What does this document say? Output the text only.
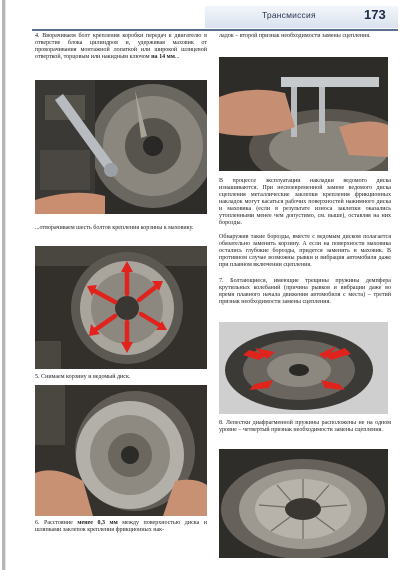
Трансмиссия	173

4. Вворачиваем болт крепления коробки передач к двигателю в отверстие блока цилиндров и, удерживая маховик от проворачивания монтажной лопаткой или широкой шлицевой отверткой, торцовым или накидным ключом на 14 мм...

...отворачиваем шесть болтов крепления корзины к маховику.

5. Снимаем корзину и ведомый диск.

6. Расстояние менее 0,3 мм между поверхностью диска и шляпками заклепок крепления фрикционных нак-

ладок – второй признак необходимости замены сцепления.

В процессе эксплуатации накладки ведомого диска изнашиваются. При несвоевременной замене ведомого диска сцепления металлические заклепки крепления фрикционных накладок могут касаться рабочих поверхностей нажимного диска и маховика (если в результате износа заклепки оказались утопленными менее чем допустимо, см. выше), оставляя на них борозды.

Обнаружив такие борозды, вместе с ведомым диском полагается обязательно заменить корзину. А если на поверхности маховика остались глубокие борозды, придется заменить и маховик. В противном случае возможны рывки и вибрация автомобиля даже при плавном включении сцепления.

7. Болтающиеся, имеющие трещины пружины демпфера крутильных колебаний (причина рывков и вибрации даже во время плавного начала движения автомобиля с места) – третий признак необходимости замены сцепления.

8. Лепестки диафрагменной пружины расположены не на одном уровне – четвертый признак необходимости замены сцепления.
